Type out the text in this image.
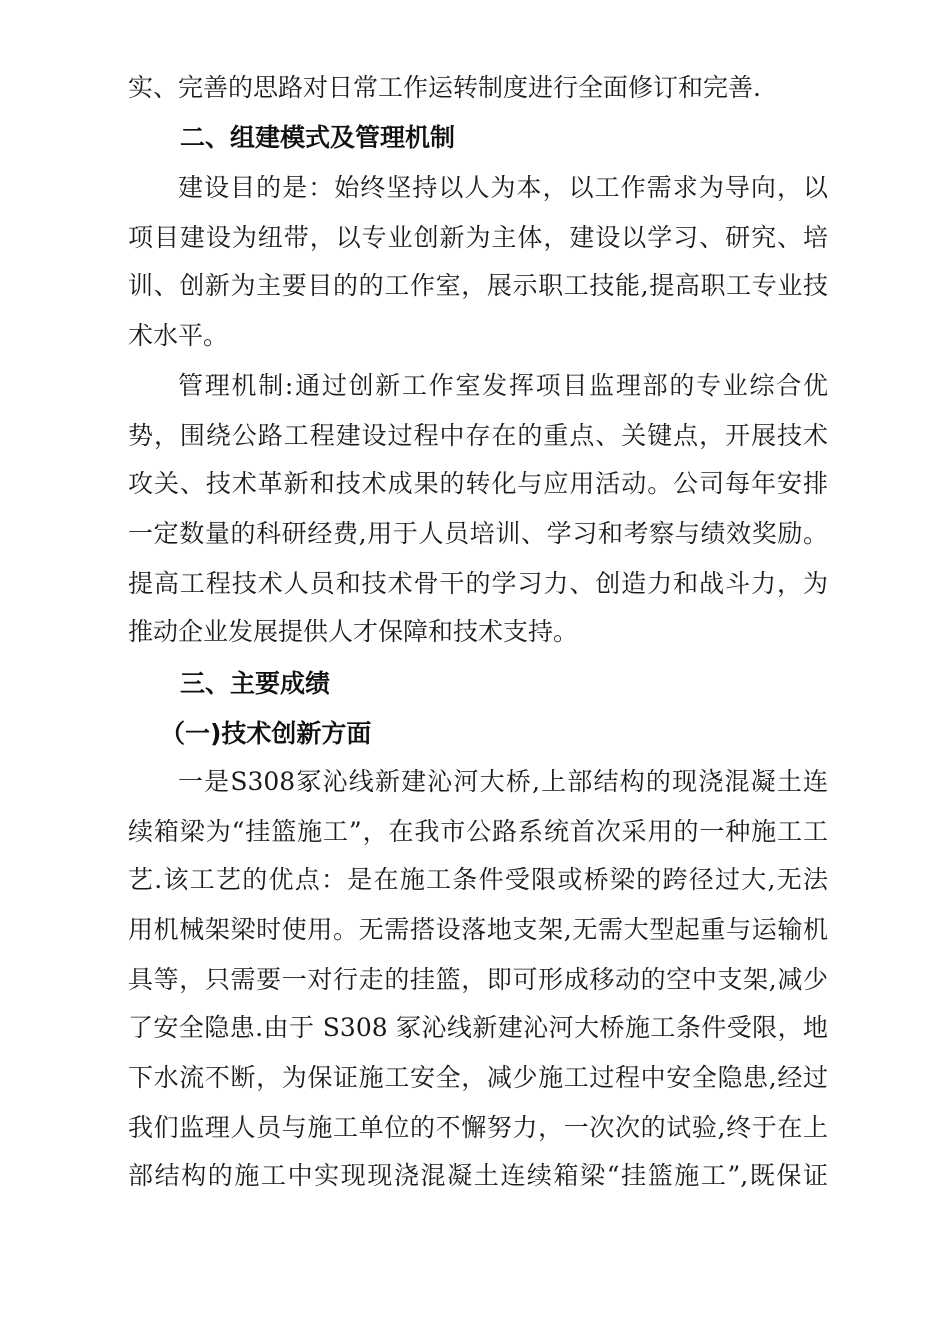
实、完善的思路对日常工作运转制度进行全面修订和完善.
二、组建模式及管理机制
建设目的是：始终坚持以人为本，以工作需求为导向，以
项目建设为纽带，以专业创新为主体，建设以学习、研究、培
训、创新为主要目的的工作室，展示职工技能,提高职工专业技
术水平。
管理机制:通过创新工作室发挥项目监理部的专业综合优
势，围绕公路工程建设过程中存在的重点、关键点，开展技术
攻关、技术革新和技术成果的转化与应用活动。公司每年安排
一定数量的科研经费,用于人员培训、学习和考察与绩效奖励。
提高工程技术人员和技术骨干的学习力、创造力和战斗力，为
推动企业发展提供人才保障和技术支持。
三、主要成绩
（一)技术创新方面
一是S308冢沁线新建沁河大桥,上部结构的现浇混凝土连
续箱梁为“挂篮施工”，在我市公路系统首次采用的一种施工工
艺.该工艺的优点：是在施工条件受限或桥梁的跨径过大,无法
用机械架梁时使用。无需搭设落地支架,无需大型起重与运输机
具等，只需要一对行走的挂篮，即可形成移动的空中支架,减少
了安全隐患.由于 S308 冢沁线新建沁河大桥施工条件受限，地
下水流不断，为保证施工安全，减少施工过程中安全隐患,经过
我们监理人员与施工单位的不懈努力，一次次的试验,终于在上
部结构的施工中实现现浇混凝土连续箱梁“挂篮施工”,既保证
